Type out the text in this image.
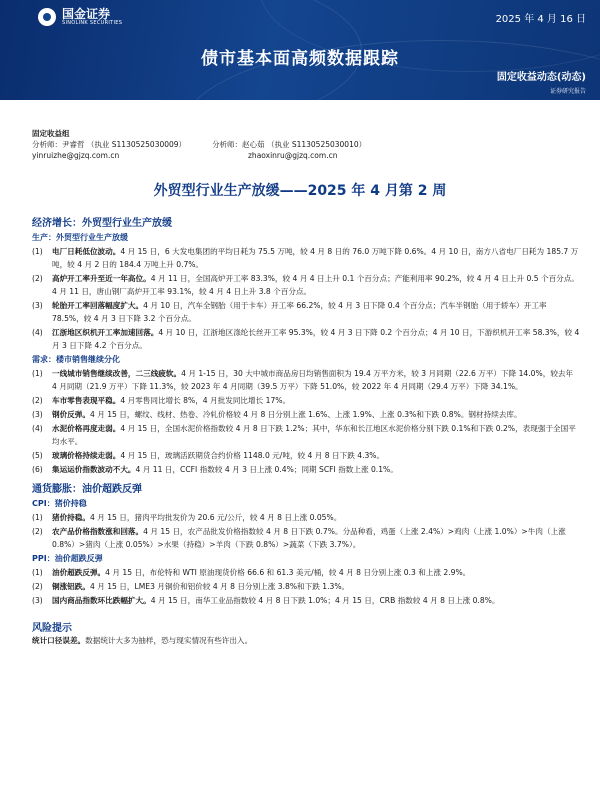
国金证券
SINOLINK SECURITIES	2025 年 4 月 16 日
债市基本面高频数据跟踪
固定收益动态(动态)
证券研究报告
固定收益组
分析师：尹睿哲 （执业 S1130525030009）	分析师：赵心茹 （执业 S1130525030010）
yinruizhe@gjzq.com.cn	zhaoxinru@gjzq.com.cn
外贸型行业生产放缓——2025 年 4 月第 2 周
经济增长：外贸型行业生产放缓
生产：外贸型行业生产放缓
(1)	电厂日耗低位波动。4 月 15 日，6 大发电集团的平均日耗为 75.5 万吨，较 4 月 8 日的 76.0 万吨下降 0.6%。4 月 10 日，南方八省电厂日耗为 185.7 万吨，较 4 月 2 日的 184.4 万吨上升 0.7%。
(2)	高炉开工率升至近一年高位。4 月 11 日，全国高炉开工率 83.3%，较 4 月 4 日上升 0.1 个百分点；产能利用率 90.2%，较 4 月 4 日上升 0.5 个百分点。4 月 11 日，唐山钢厂高炉开工率 93.1%，较 4 月 4 日上升 3.8 个百分点。
(3)	轮胎开工率回落幅度扩大。4 月 10 日，汽车全钢胎（用于卡车）开工率 66.2%，较 4 月 3 日下降 0.4 个百分点；汽车半钢胎（用于轿车）开工率 78.5%，较 4 月 3 日下降 3.2 个百分点。
(4)	江浙地区织机开工率加速回落。4 月 10 日，江浙地区涤纶长丝开工率 95.3%，较 4 月 3 日下降 0.2 个百分点；4 月 10 日，下游织机开工率 58.3%，较 4 月 3 日下降 4.2 个百分点。
需求：楼市销售继续分化
(1)	一线城市销售继续改善，二三线疲软。4 月 1-15 日，30 大中城市商品房日均销售面积为 19.4 万平方米，较 3 月同期（22.6 万平）下降 14.0%，较去年 4 月同期（21.9 万平）下降 11.3%，较 2023 年 4 月同期（39.5 万平）下降 51.0%，较 2022 年 4 月同期（29.4 万平）下降 34.1%。
(2)	车市零售表现平稳。4 月零售同比增长 8%，4 月批发同比增长 17%。
(3)	钢价反弹。4 月 15 日，螺纹、线材、热卷、冷轧价格较 4 月 8 日分别上涨 1.6%、上涨 1.9%、上涨 0.3%和下跌 0.8%。钢材持续去库。
(4)	水泥价格再度走弱。4 月 15 日，全国水泥价格指数较 4 月 8 日下跌 1.2%；其中，华东和长江地区水泥价格分别下跌 0.1%和下跌 0.2%，表现强于全国平均水平。
(5)	玻璃价格持续走弱。4 月 15 日，玻璃活跃期货合约价格 1148.0 元/吨，较 4 月 8 日下跌 4.3%。
(6)	集运运价指数波动不大。4 月 11 日，CCFI 指数较 4 月 3 日上涨 0.4%；同期 SCFI 指数上涨 0.1%。
通货膨胀：油价超跌反弹
CPI：猪价持稳
(1)	猪价持稳。4 月 15 日，猪肉平均批发价为 20.6 元/公斤，较 4 月 8 日上涨 0.05%。
(2)	农产品价格指数涨和回落。4 月 15 日，农产品批发价格指数较 4 月 8 日下跌 0.7%。分品种看，鸡蛋（上涨 2.4%）>鸡肉（上涨 1.0%）>牛肉（上涨 0.8%）>猪肉（上涨 0.05%）>水果（持稳）>羊肉（下跌 0.8%）>蔬菜（下跌 3.7%）。
PPI：油价超跌反弹
(1)	油价超跌反弹。4 月 15 日，布伦特和 WTI 原油现货价格 66.6 和 61.3 美元/桶，较 4 月 8 日分别上涨 0.3 和上涨 2.9%。
(2)	铜涨铝跌。4 月 15 日，LME3 月铜价和铝价较 4 月 8 日分别上涨 3.8%和下跌 1.3%。
(3)	国内商品指数环比跌幅扩大。4 月 15 日，南华工业品指数较 4 月 8 日下跌 1.0%；4 月 15 日，CRB 指数较 4 月 8 日上涨 0.8%。
风险提示
统计口径误差。数据统计大多为抽样，恐与现实情况有些许出入。
